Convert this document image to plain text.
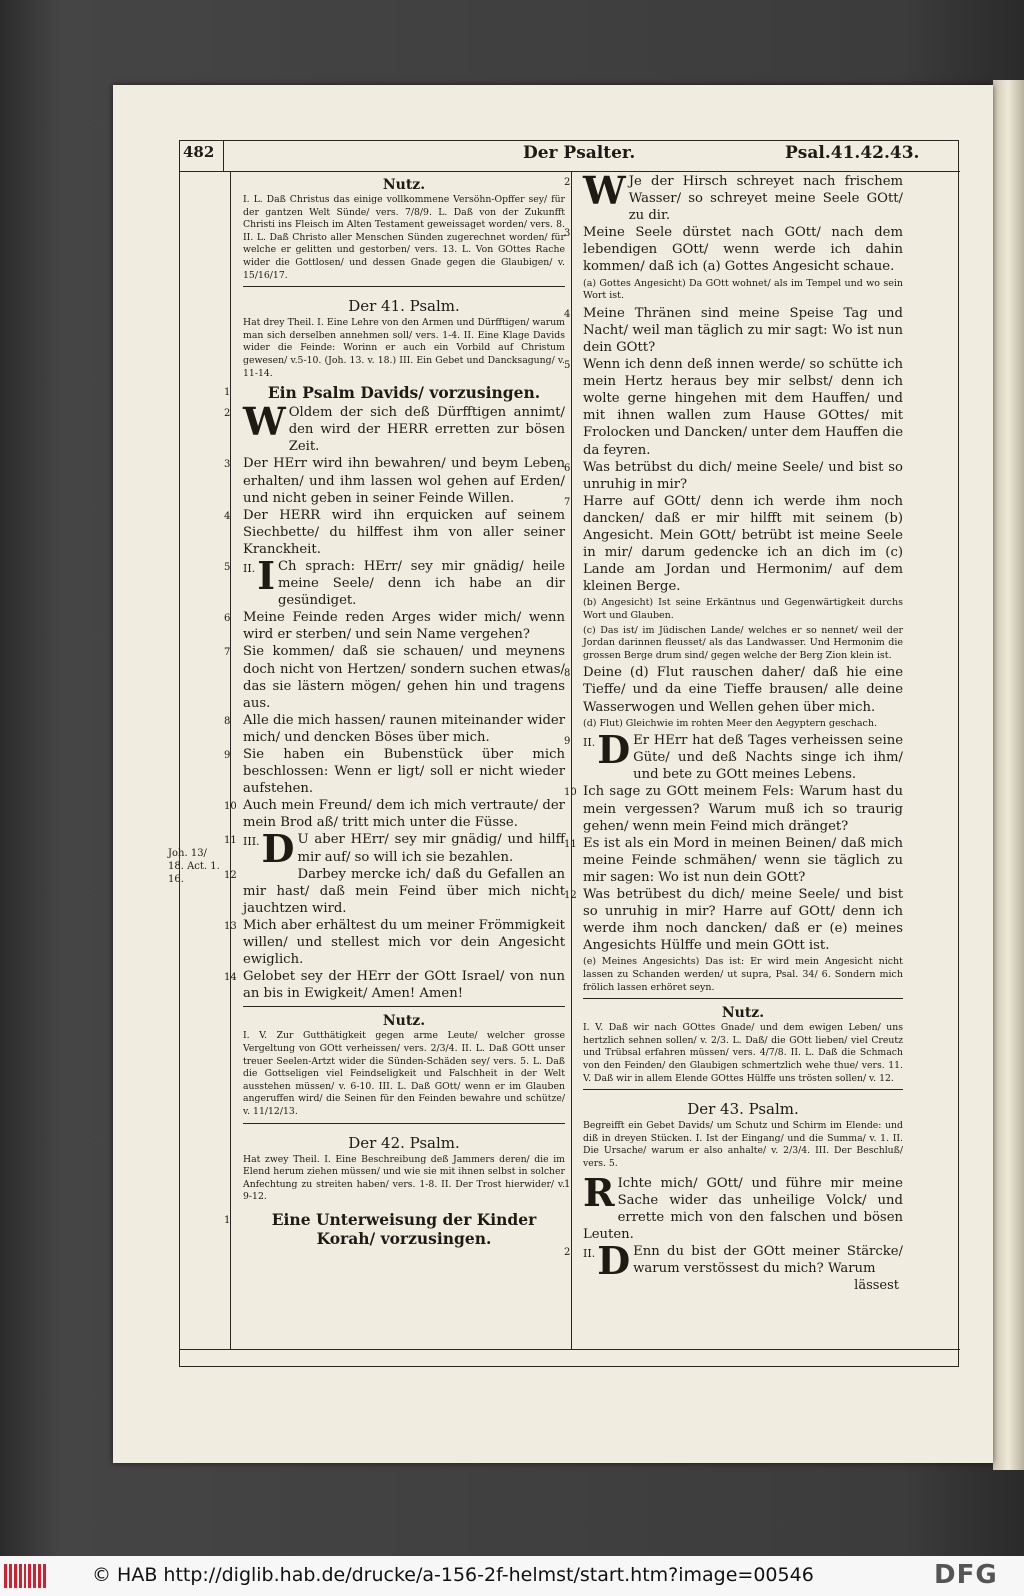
482	Der Psalter.	Psal.41.42.43.
Joh. 13/ 18. Act. 1. 16.
Nutz.
I. L. Daß Christus das einige vollkommene Versöhn-Opffer sey/ für der gantzen Welt Sünde/ vers. 7/8/9. L. Daß von der Zukunfft Christi ins Fleisch im Alten Testament geweissaget worden/ vers. 8. II. L. Daß Christo aller Menschen Sünden zugerechnet worden/ für welche er gelitten und gestorben/ vers. 13. L. Von GOttes Rache wider die Gottlosen/ und dessen Gnade gegen die Glaubigen/ v. 15/16/17.
Der 41. Psalm.
Hat drey Theil. I. Eine Lehre von den Armen und Dürfftigen/ warum man sich derselben annehmen soll/ vers. 1-4. II. Eine Klage Davids wider die Feinde: Worinn er auch ein Vorbild auf Christum gewesen/ v.5-10. (Joh. 13. v. 18.) III. Ein Gebet und Dancksagung/ v. 11-14.
1	Ein Psalm Davids/ vorzusingen.
2 W Oldem der sich deß Dürfftigen annimt/ den wird der HERR erretten zur bösen Zeit.
3 Der HErr wird ihn bewahren/ und beym Leben erhalten/ und ihm lassen wol gehen auf Erden/ und nicht geben in seiner Feinde Willen.
4 Der HERR wird ihn erquicken auf seinem Siechbette/ du hilffest ihm von aller seiner Kranckheit.
5 II. I Ch sprach: HErr/ sey mir gnädig/ heile meine Seele/ denn ich habe an dir gesündiget.
6 Meine Feinde reden Arges wider mich/ wenn wird er sterben/ und sein Name vergehen?
7 Sie kommen/ daß sie schauen/ und meynens doch nicht von Hertzen/ sondern suchen etwas/ das sie lästern mögen/ gehen hin und tragens aus.
8 Alle die mich hassen/ raunen miteinander wider mich/ und dencken Böses über mich.
9 Sie haben ein Bubenstück über mich beschlossen: Wenn er ligt/ soll er nicht wieder aufstehen.
10 Auch mein Freund/ dem ich mich vertraute/ der mein Brod aß/ tritt mich unter die Füsse.
11 III. D U aber HErr/ sey mir gnädig/ und hilff mir auf/ so will ich sie bezahlen.
12	Darbey mercke ich/ daß du Gefallen an mir hast/ daß mein Feind über mich nicht jauchtzen wird.
13 Mich aber erhältest du um meiner Frömmigkeit willen/ und stellest mich vor dein Angesicht ewiglich.
14 Gelobet sey der HErr der GOtt Israel/ von nun an bis in Ewigkeit/ Amen! Amen!
Nutz.
I. V. Zur Gutthätigkeit gegen arme Leute/ welcher grosse Vergeltung von GOtt verheissen/ vers. 2/3/4. II. L. Daß GOtt unser treuer Seelen-Artzt wider die Sünden-Schäden sey/ vers. 5. L. Daß die Gottseligen viel Feindseligkeit und Falschheit in der Welt ausstehen müssen/ v. 6-10. III. L. Daß GOtt/ wenn er im Glauben angeruffen wird/ die Seinen für den Feinden bewahre und schütze/ v. 11/12/13.
Der 42. Psalm.
Hat zwey Theil. I. Eine Beschreibung deß Jammers deren/ die im Elend herum ziehen müssen/ und wie sie mit ihnen selbst in solcher Anfechtung zu streiten haben/ vers. 1-8. II. Der Trost hierwider/ v. 9-12.
1	Eine Unterweisung der Kinder Korah/ vorzusingen.
2 W Je der Hirsch schreyet nach frischem Wasser/ so schreyet meine Seele GOtt/ zu dir.
3 Meine Seele dürstet nach GOtt/ nach dem lebendigen GOtt/ wenn werde ich dahin kommen/ daß ich (a) Gottes Angesicht schaue.
(a) Gottes Angesicht) Da GOtt wohnet/ als im Tempel und wo sein Wort ist.
4 Meine Thränen sind meine Speise Tag und Nacht/ weil man täglich zu mir sagt: Wo ist nun dein GOtt?
5 Wenn ich denn deß innen werde/ so schütte ich mein Hertz heraus bey mir selbst/ denn ich wolte gerne hingehen mit dem Hauffen/ und mit ihnen wallen zum Hause GOttes/ mit Frolocken und Dancken/ unter dem Hauffen die da feyren.
6 Was betrübst du dich/ meine Seele/ und bist so unruhig in mir?
7 Harre auf GOtt/ denn ich werde ihm noch dancken/ daß er mir hilfft mit seinem (b) Angesicht. Mein GOtt/ betrübt ist meine Seele in mir/ darum gedencke ich an dich im (c) Lande am Jordan und Hermonim/ auf dem kleinen Berge.
(b) Angesicht) Ist seine Erkäntnus und Gegenwärtigkeit durchs Wort und Glauben.
(c) Das ist/ im Jüdischen Lande/ welches er so nennet/ weil der Jordan darinnen fleusset/ als das Landwasser. Und Hermonim die grossen Berge drum sind/ gegen welche der Berg Zion klein ist.
8 Deine (d) Flut rauschen daher/ daß hie eine Tieffe/ und da eine Tieffe brausen/ alle deine Wasserwogen und Wellen gehen über mich.
(d) Flut) Gleichwie im rohten Meer den Aegyptern geschach.
9 II. D Er HErr hat deß Tages verheissen seine Güte/ und deß Nachts singe ich ihm/ und bete zu GOtt meines Lebens.
10 Ich sage zu GOtt meinem Fels: Warum hast du mein vergessen? Warum muß ich so traurig gehen/ wenn mein Feind mich dränget?
11 Es ist als ein Mord in meinen Beinen/ daß mich meine Feinde schmähen/ wenn sie täglich zu mir sagen: Wo ist nun dein GOtt?
12 Was betrübest du dich/ meine Seele/ und bist so unruhig in mir? Harre auf GOtt/ denn ich werde ihm noch dancken/ daß er (e) meines Angesichts Hülffe und mein GOtt ist.
(e) Meines Angesichts) Das ist: Er wird mein Angesicht nicht lassen zu Schanden werden/ ut supra, Psal. 34/ 6. Sondern mich frölich lassen erhöret seyn.
Nutz.
I. V. Daß wir nach GOttes Gnade/ und dem ewigen Leben/ uns hertzlich sehnen sollen/ v. 2/3. L. Daß/ die GOtt lieben/ viel Creutz und Trübsal erfahren müssen/ vers. 4/7/8. II. L. Daß die Schmach von den Feinden/ den Glaubigen schmertzlich wehe thue/ vers. 11. V. Daß wir in allem Elende GOttes Hülffe uns trösten sollen/ v. 12.
Der 43. Psalm.
Begreifft ein Gebet Davids/ um Schutz und Schirm im Elende: und diß in dreyen Stücken. I. Ist der Eingang/ und die Summa/ v. 1. II. Die Ursache/ warum er also anhalte/ v. 2/3/4. III. Der Beschluß/ vers. 5.
1 R Ichte mich/ GOtt/ und führe mir meine Sache wider das unheilige Volck/ und errette mich von den falschen und bösen Leuten.
2 II. D Enn du bist der GOtt meiner Stärcke/ warum verstössest du mich? Warum
lässest
© HAB http://diglib.hab.de/drucke/a-156-2f-helmst/start.htm?image=00546	DFG
